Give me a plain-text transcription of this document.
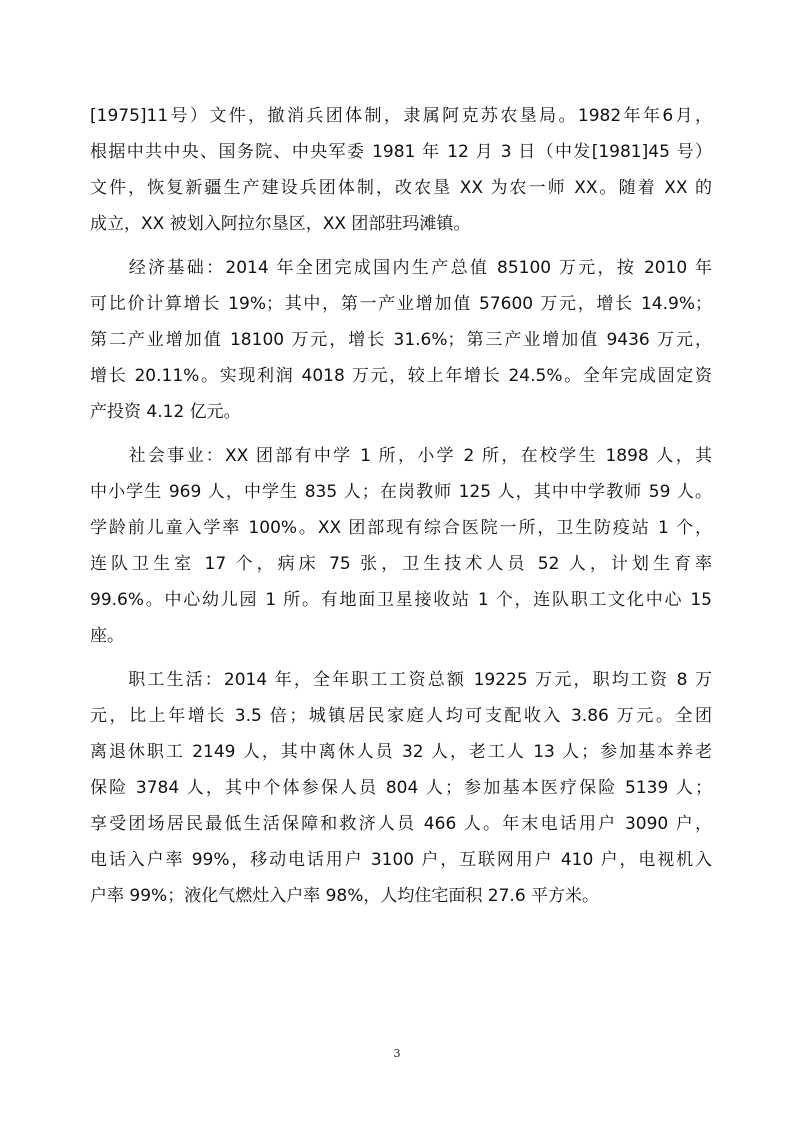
[1975]11号）文件，撤消兵团体制，隶属阿克苏农垦局。1982年年6月，
根据中共中央、国务院、中央军委 1981 年 12 月 3 日（中发[1981]45 号）
文件，恢复新疆生产建设兵团体制，改农垦 XX 为农一师 XX。随着 XX 的
成立，XX 被划入阿拉尔垦区，XX 团部驻玛滩镇。
　　经济基础：2014 年全团完成国内生产总值 85100 万元，按 2010 年
可比价计算增长 19%；其中，第一产业增加值 57600 万元，增长 14.9%；
第二产业增加值 18100 万元，增长 31.6%；第三产业增加值 9436 万元，
增长 20.11%。实现利润 4018 万元，较上年增长 24.5%。全年完成固定资
产投资 4.12 亿元。
　　社会事业：XX 团部有中学 1 所，小学 2 所，在校学生 1898 人，其
中小学生 969 人，中学生 835 人；在岗教师 125 人，其中中学教师 59 人。
学龄前儿童入学率 100%。XX 团部现有综合医院一所，卫生防疫站 1 个，
连队卫生室 17 个，病床 75 张，卫生技术人员 52 人，计划生育率
99.6%。中心幼儿园 1 所。有地面卫星接收站 1 个，连队职工文化中心 15
座。
　　职工生活：2014 年，全年职工工资总额 19225 万元，职均工资 8 万
元，比上年增长 3.5 倍；城镇居民家庭人均可支配收入 3.86 万元。全团
离退休职工 2149 人，其中离休人员 32 人，老工人 13 人；参加基本养老
保险 3784 人，其中个体参保人员 804 人；参加基本医疗保险 5139 人；
享受团场居民最低生活保障和救济人员 466 人。年末电话用户 3090 户，
电话入户率 99%，移动电话用户 3100 户，互联网用户 410 户，电视机入
户率 99%；液化气燃灶入户率 98%，人均住宅面积 27.6 平方米。
3
